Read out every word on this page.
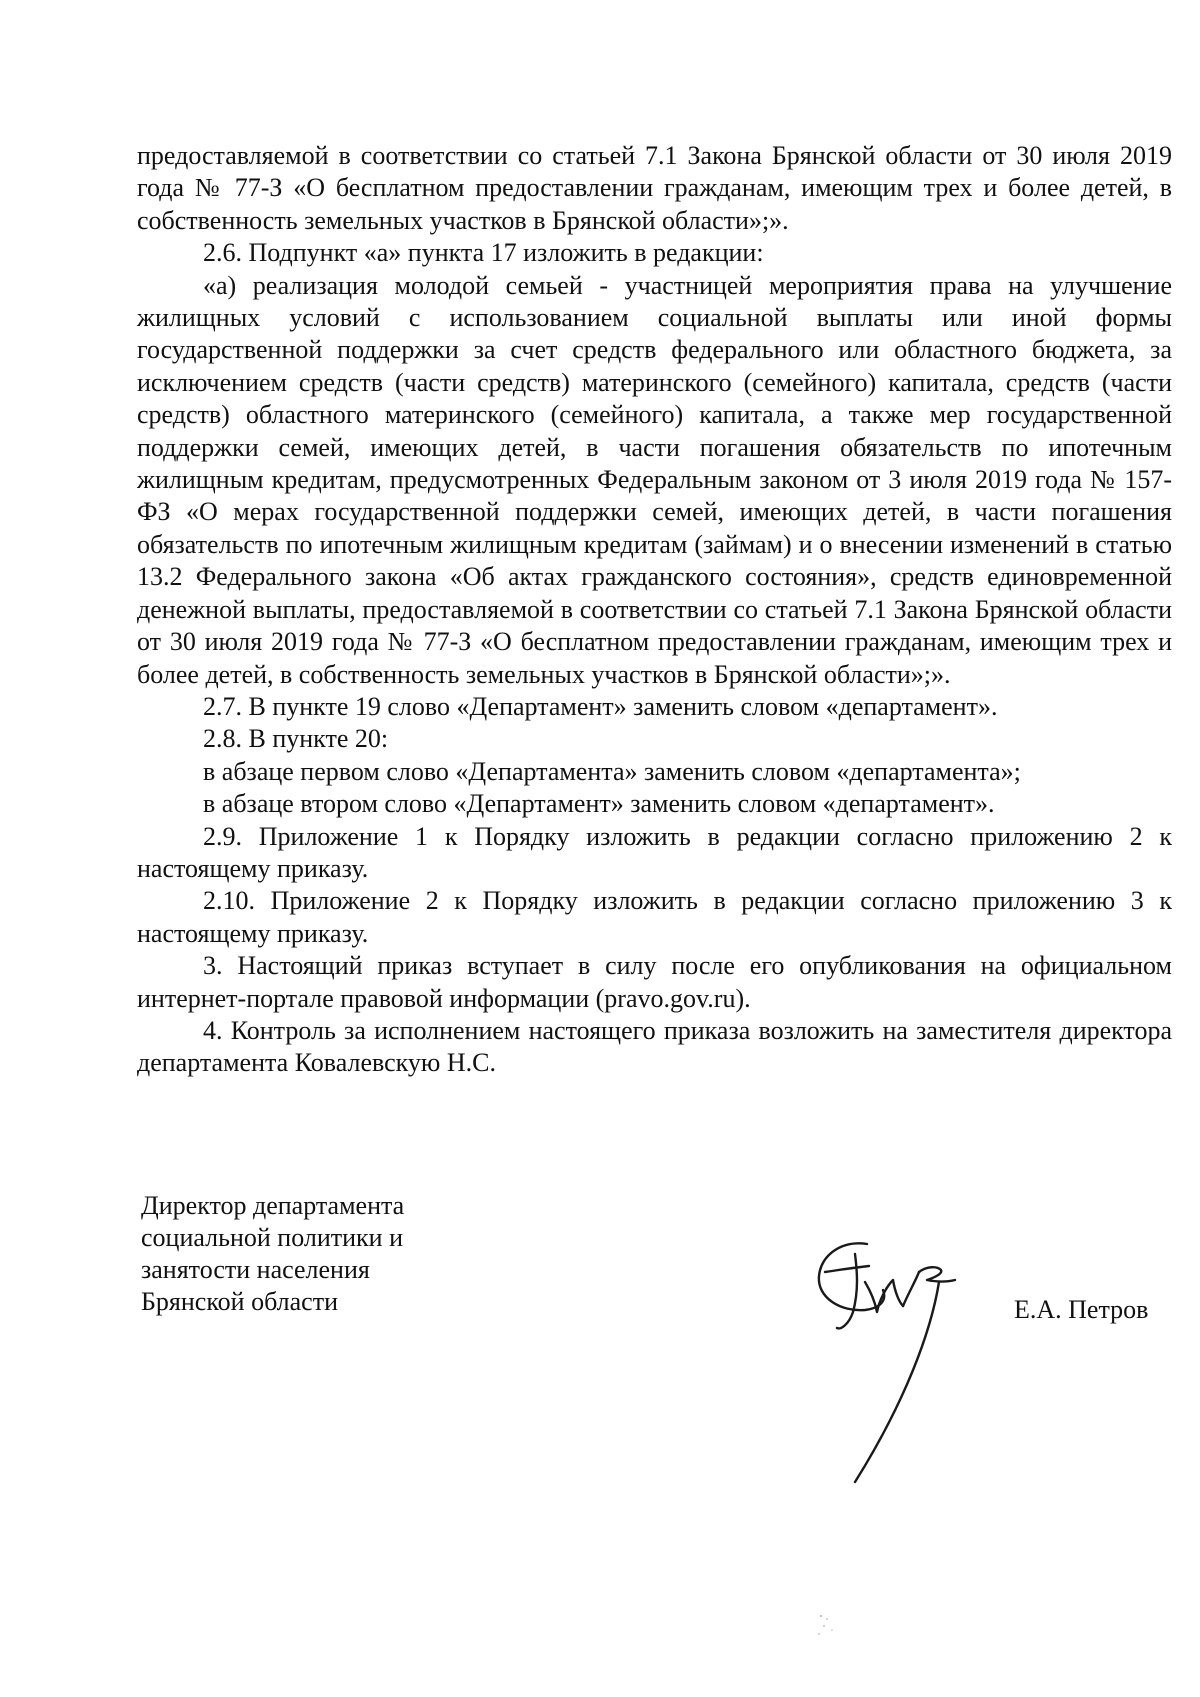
предоставляемой в соответствии со статьей 7.1 Закона Брянской области от 30 июля 2019 года № 77-З «О бесплатном предоставлении гражданам, имеющим трех и более детей, в собственность земельных участков в Брянской области»;».

2.6. Подпункт «а» пункта 17 изложить в редакции:

«а) реализация молодой семьей - участницей мероприятия права на улучшение жилищных условий с использованием социальной выплаты или иной формы государственной поддержки за счет средств федерального или областного бюджета, за исключением средств (части средств) материнского (семейного) капитала, средств (части средств) областного материнского (семейного) капитала, а также мер государственной поддержки семей, имеющих детей, в части погашения обязательств по ипотечным жилищным кредитам, предусмотренных Федеральным законом от 3 июля 2019 года № 157-ФЗ «О мерах государственной поддержки семей, имеющих детей, в части погашения обязательств по ипотечным жилищным кредитам (займам) и о внесении изменений в статью 13.2 Федерального закона «Об актах гражданского состояния», средств единовременной денежной выплаты, предоставляемой в соответствии со статьей 7.1 Закона Брянской области от 30 июля 2019 года № 77-З «О бесплатном предоставлении гражданам, имеющим трех и более детей, в собственность земельных участков в Брянской области»;».

2.7. В пункте 19 слово «Департамент» заменить словом «департамент».

2.8. В пункте 20:

в абзаце первом слово «Департамента» заменить словом «департамента»;

в абзаце втором слово «Департамент» заменить словом «департамент».

2.9. Приложение 1 к Порядку изложить в редакции согласно приложению 2 к настоящему приказу.

2.10. Приложение 2 к Порядку изложить в редакции согласно приложению 3 к настоящему приказу.

3. Настоящий приказ вступает в силу после его опубликования на официальном интернет-портале правовой информации (pravo.gov.ru).

4. Контроль за исполнением настоящего приказа возложить на заместителя директора департамента Ковалевскую Н.С.

Директор департамента
социальной политики и
занятости населения
Брянской области	Е.А. Петров
